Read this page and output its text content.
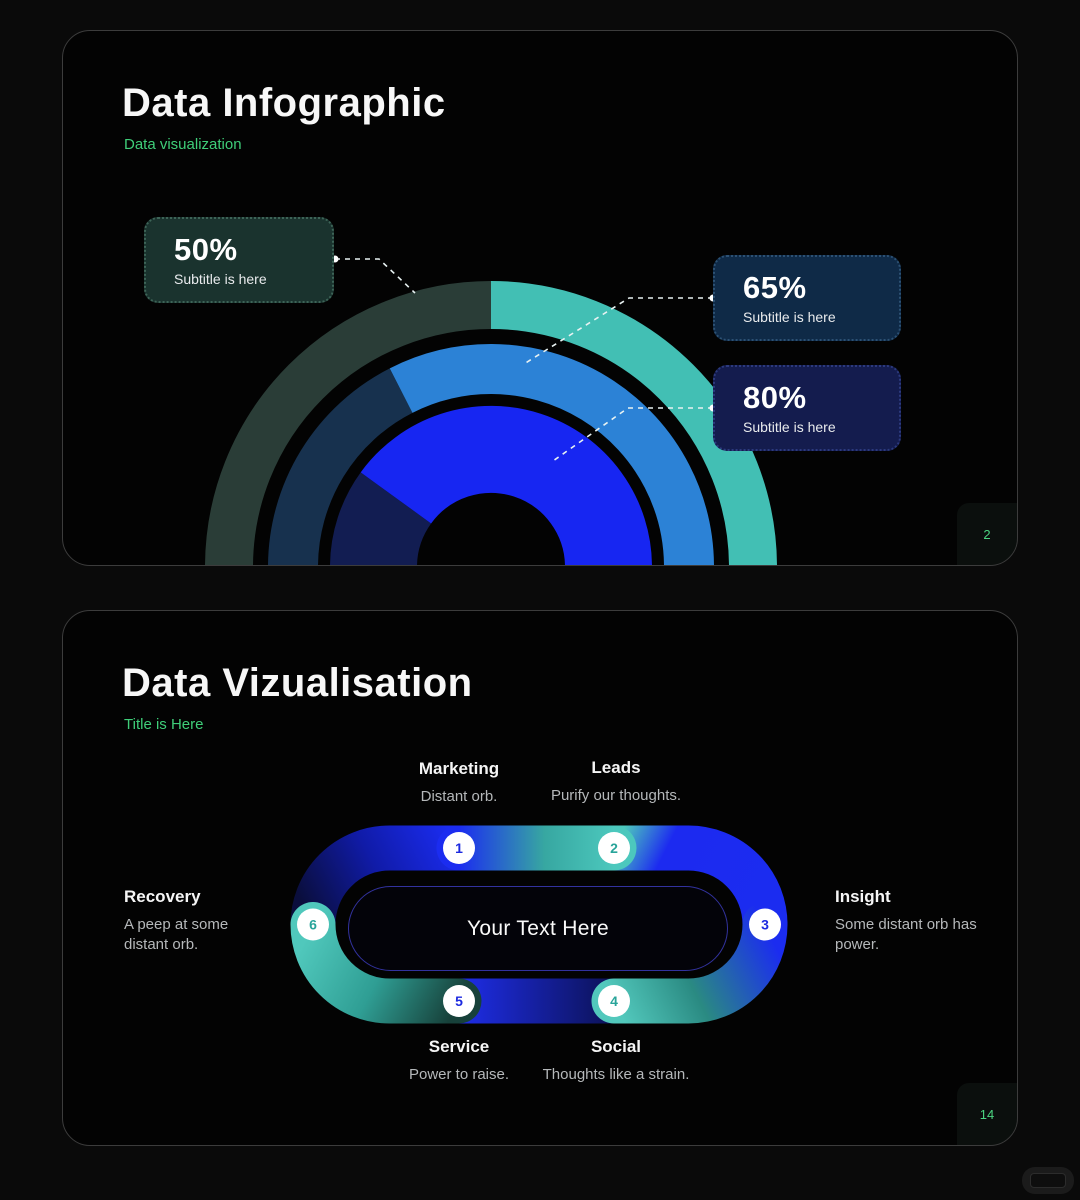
Data Infographic
Data visualization
50%
Subtitle is here	65%
Subtitle is here
80%
Subtitle is here
2
Data Vizualisation
Title is Here
1	2
3
4
5
6	Your Text Here
Marketing
Distant orb.
Leads
Purify our thoughts.
Insight
Some distant orb has power.
Social
Thoughts like a strain.
Service
Power to raise.
Recovery
A peep at some distant orb.
14
